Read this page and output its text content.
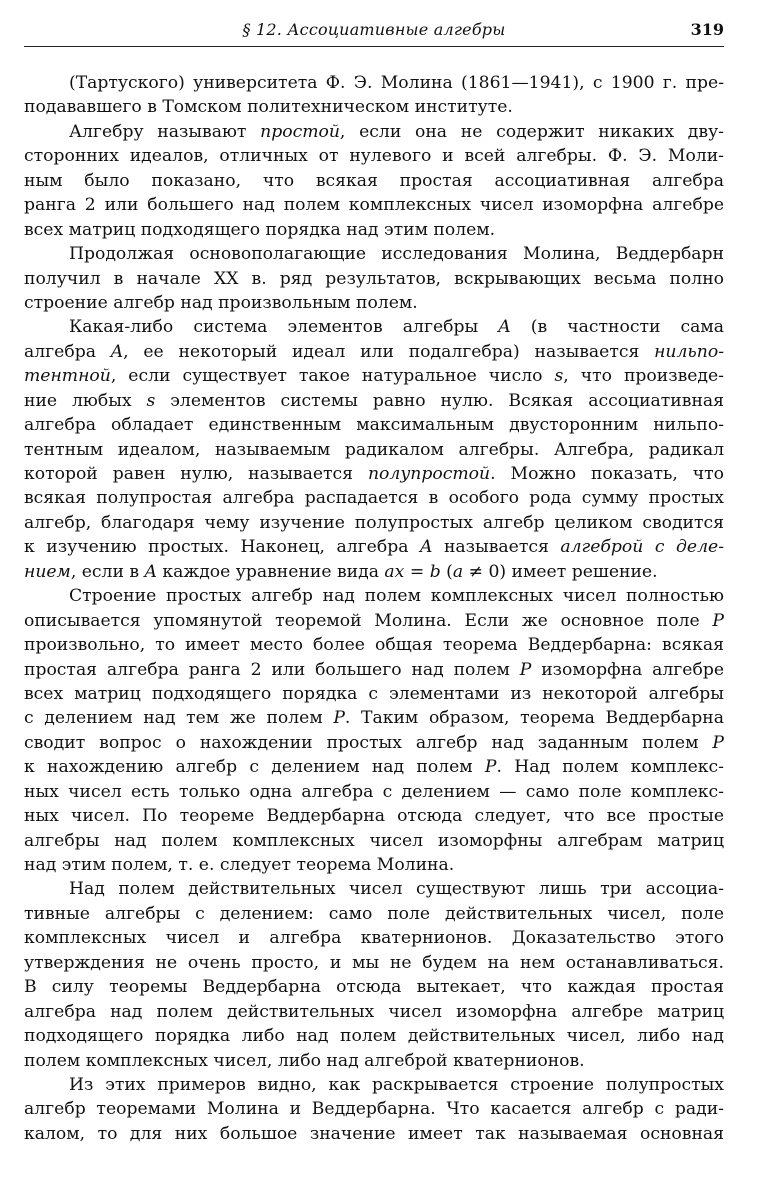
§ 12. Ассоциативные алгебры	319
(Тартуского) университета Ф. Э. Молина (1861—1941), с 1900 г. пре-
подававшего в Томском политехническом институте.
Алгебру называют простой, если она не содержит никаких дву-
сторонних идеалов, отличных от нулевого и всей алгебры. Ф. Э. Моли-
ным было показано, что всякая простая ассоциативная алгебра
ранга 2 или большего над полем комплексных чисел изоморфна алгебре
всех матриц подходящего порядка над этим полем.
Продолжая основополагающие исследования Молина, Веддербарн
получил в начале XX в. ряд результатов, вскрывающих весьма полно
строение алгебр над произвольным полем.
Какая-либо система элементов алгебры A (в частности сама
алгебра A, ее некоторый идеал или подалгебра) называется нильпо-
тентной, если существует такое натуральное число s, что произведе-
ние любых s элементов системы равно нулю. Всякая ассоциативная
алгебра обладает единственным максимальным двусторонним нильпо-
тентным идеалом, называемым радикалом алгебры. Алгебра, радикал
которой равен нулю, называется полупростой. Можно показать, что
всякая полупростая алгебра распадается в особого рода сумму простых
алгебр, благодаря чему изучение полупростых алгебр целиком сводится
к изучению простых. Наконец, алгебра A называется алгеброй с деле-
нием, если в A каждое уравнение вида ax = b (a ≠ 0) имеет решение.
Строение простых алгебр над полем комплексных чисел полностью
описывается упомянутой теоремой Молина. Если же основное поле P
произвольно, то имеет место более общая теорема Веддербарна: всякая
простая алгебра ранга 2 или большего над полем P изоморфна алгебре
всех матриц подходящего порядка с элементами из некоторой алгебры
с делением над тем же полем P. Таким образом, теорема Веддербарна
сводит вопрос о нахождении простых алгебр над заданным полем P
к нахождению алгебр с делением над полем P. Над полем комплекс-
ных чисел есть только одна алгебра с делением — само поле комплекс-
ных чисел. По теореме Веддербарна отсюда следует, что все простые
алгебры над полем комплексных чисел изоморфны алгебрам матриц
над этим полем, т. е. следует теорема Молина.
Над полем действительных чисел существуют лишь три ассоциа-
тивные алгебры с делением: само поле действительных чисел, поле
комплексных чисел и алгебра кватернионов. Доказательство этого
утверждения не очень просто, и мы не будем на нем останавливаться.
В силу теоремы Веддербарна отсюда вытекает, что каждая простая
алгебра над полем действительных чисел изоморфна алгебре матриц
подходящего порядка либо над полем действительных чисел, либо над
полем комплексных чисел, либо над алгеброй кватернионов.
Из этих примеров видно, как раскрывается строение полупростых
алгебр теоремами Молина и Веддербарна. Что касается алгебр с ради-
калом, то для них большое значение имеет так называемая основная
